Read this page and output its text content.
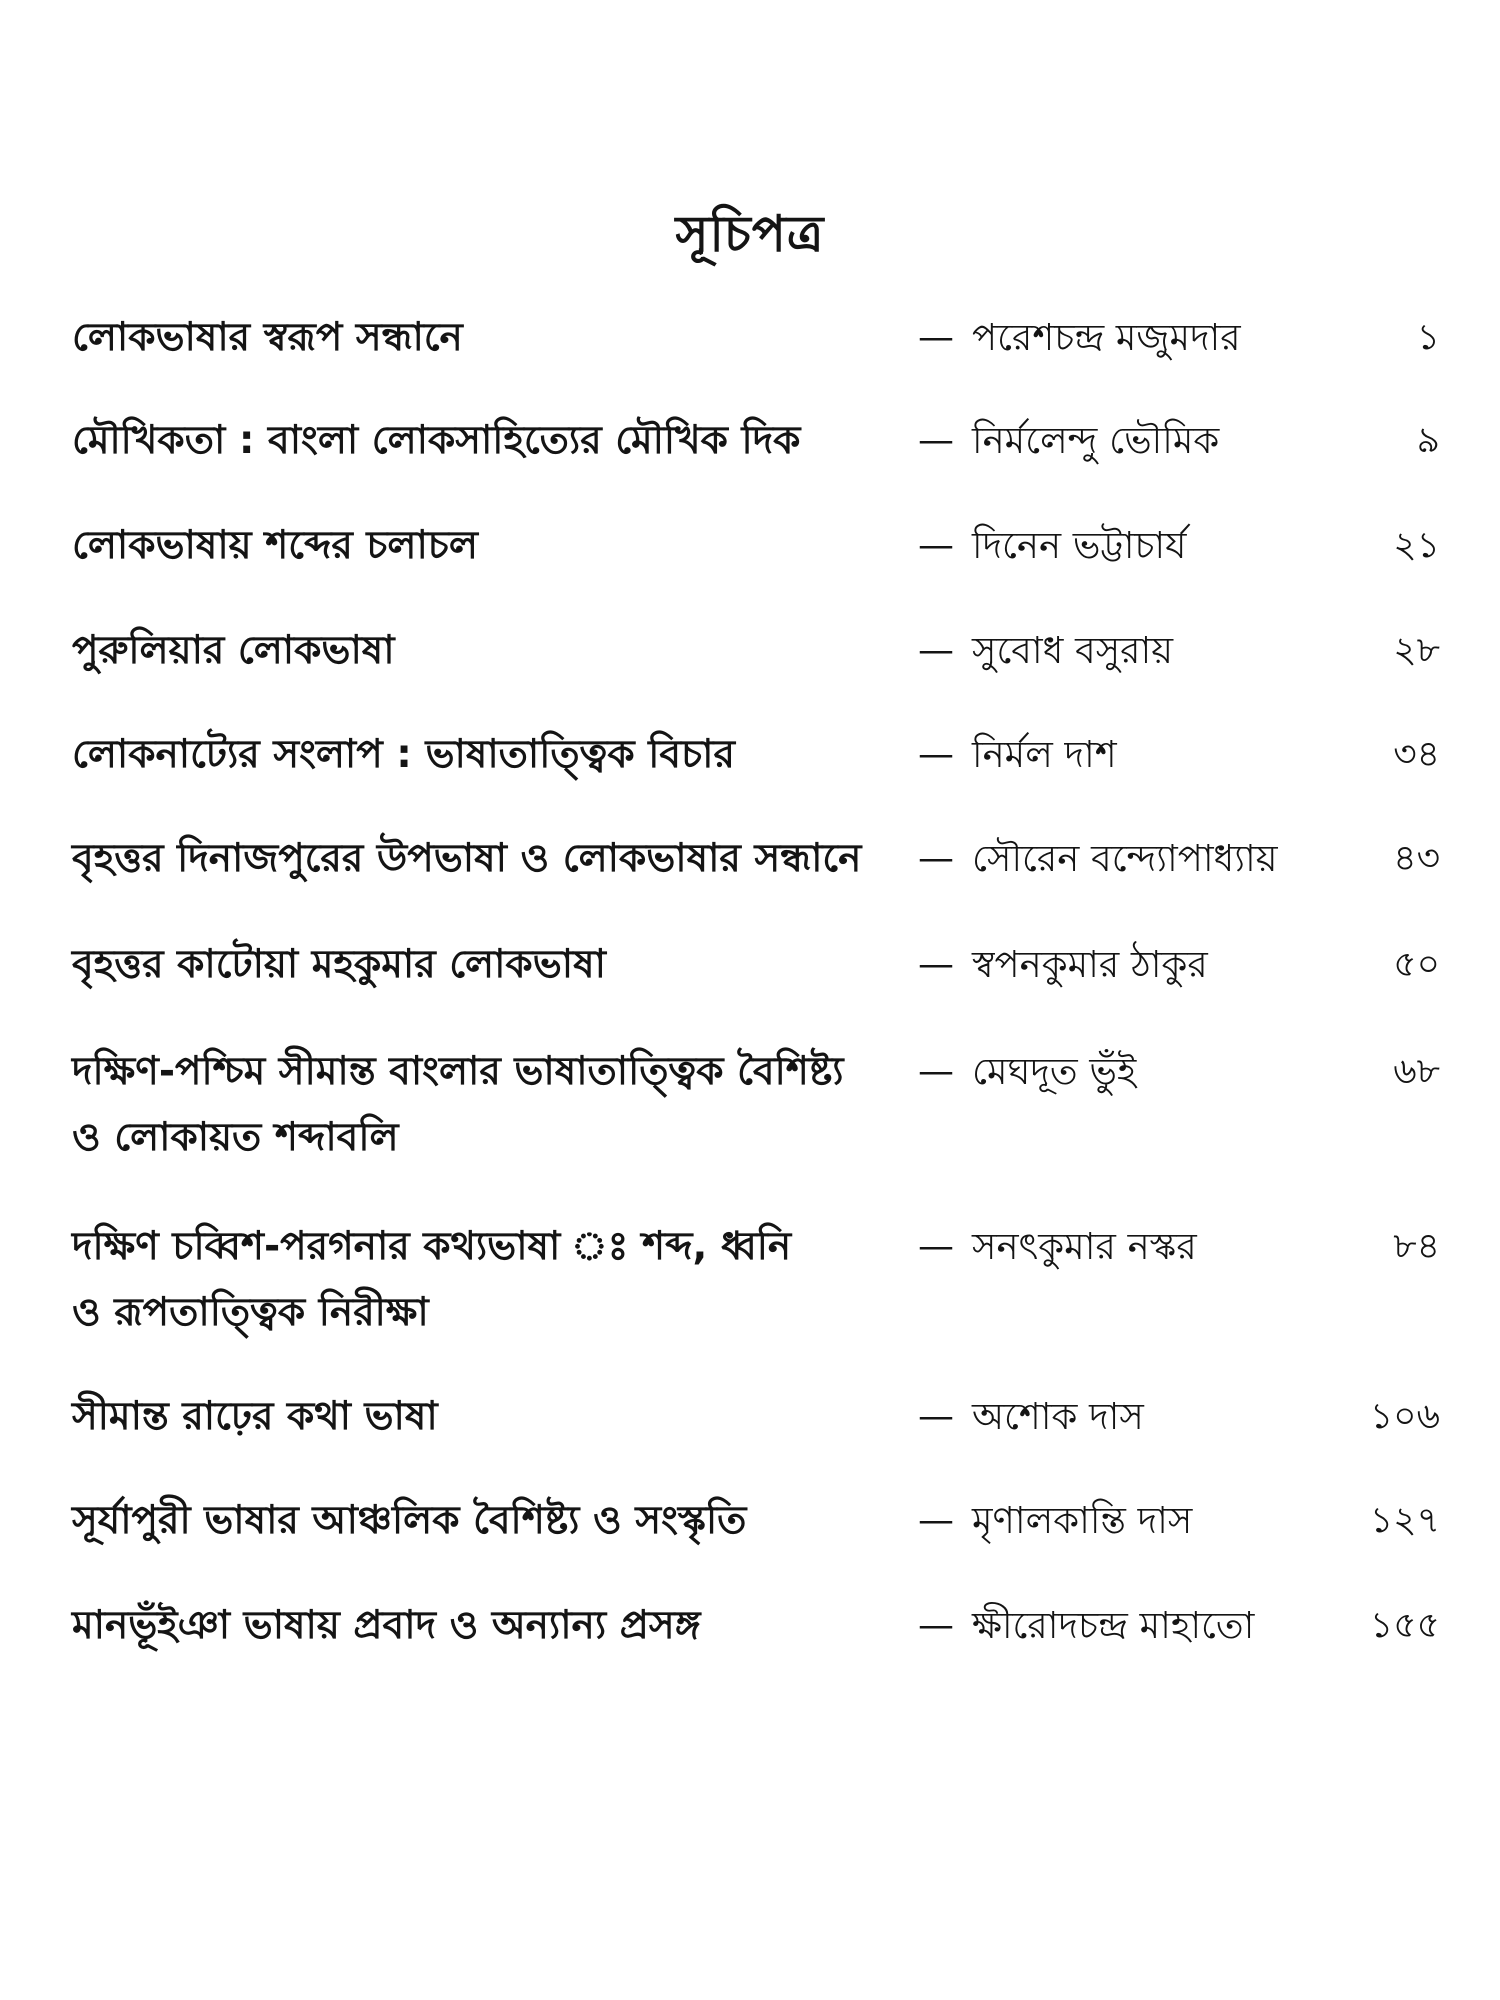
সূচিপত্র
লোকভাষার স্বরূপ সন্ধানে	— পরেশচন্দ্র মজুমদার	১
মৌখিকতা : বাংলা লোকসাহিত্যের মৌখিক দিক	— নির্মলেন্দু ভৌমিক	৯
লোকভাষায় শব্দের চলাচল	— দিনেন ভট্টাচার্য	২১
পুরুলিয়ার লোকভাষা	— সুবোধ বসুরায়	২৮
লোকনাট্যের সংলাপ : ভাষাতাত্ত্বিক বিচার	— নির্মল দাশ	৩৪
বৃহত্তর দিনাজপুরের উপভাষা ও লোকভাষার সন্ধানে — সৌরেন বন্দ্যোপাধ্যায়	৪৩
বৃহত্তর কাটোয়া মহকুমার লোকভাষা	— স্বপনকুমার ঠাকুর	৫০
দক্ষিণ-পশ্চিম সীমান্ত বাংলার ভাষাতাত্ত্বিক বৈশিষ্ট্য
ও লোকায়ত শব্দাবলি
— মেঘদূত ভুঁই	৬৮
দক্ষিণ চব্বিশ-পরগনার কথ্যভাষা ঃ শব্দ, ধ্বনি
ও রূপতাত্ত্বিক নিরীক্ষা
— সনৎকুমার নস্কর	৮৪
সীমান্ত রাঢ়ের কথা ভাষা	— অশোক দাস	১০৬
সূর্যাপুরী ভাষার আঞ্চলিক বৈশিষ্ট্য ও সংস্কৃতি	— মৃণালকান্তি দাস	১২৭
মানভূঁইঞা ভাষায় প্রবাদ ও অন্যান্য প্রসঙ্গ	— ক্ষীরোদচন্দ্র মাহাতো	১৫৫
